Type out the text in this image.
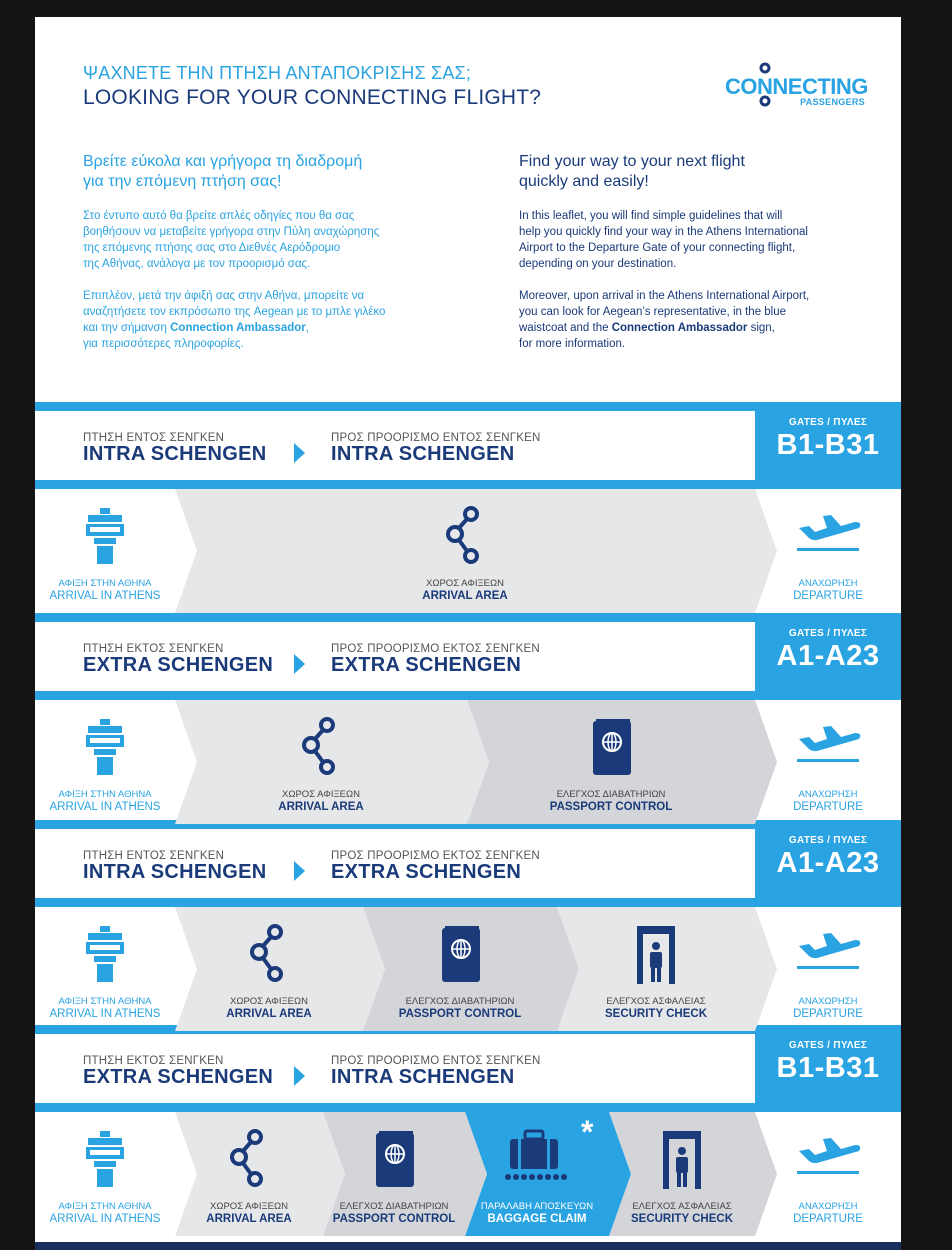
ΨΑΧΝΕΤΕ ΤΗΝ ΠΤΗΣΗ ΑΝΤΑΠΟΚΡΙΣΗΣ ΣΑΣ;
LOOKING FOR YOUR CONNECTING FLIGHT?	CONNECTING
PASSENGERS
Βρείτε εύκολα και γρήγορα τη διαδρομή
για την επόμενη πτήση σας!
Στο έντυπο αυτό θα βρείτε απλές οδηγίες που θα σας
βοηθήσουν να μεταβείτε γρήγορα στην Πύλη αναχώρησης
της επόμενης πτήσης σας στο Διεθνές Αερόδρομιο
της Αθήνας, ανάλογα με τον προορισμό σας.
Επιπλέον, μετά την άφιξή σας στην Αθήνα, μπορείτε να
αναζητήσετε τον εκπρόσωπο της Aegean με το μπλε γιλέκο
και την σήμανση Connection Ambassador,
για περισσότερες πληροφορίες.
Find your way to your next flight
quickly and easily!
In this leaflet, you will find simple guidelines that will
help you quickly find your way in the Athens International
Airport to the Departure Gate of your connecting flight,
depending on your destination.
Moreover, upon arrival in the Athens International Airport,
you can look for Aegean’s representative, in the blue
waistcoat and the Connection Ambassador sign,
for more information.
ΠΤΗΣΗ ΕΝΤΟΣ ΣΕΝΓΚΕΝ
INTRA SCHENGEN
ΠΡΟΣ ΠΡΟΟΡΙΣΜΟ ΕΝΤΟΣ ΣΕΝΓΚΕΝ
INTRA SCHENGEN
GATES / ΠΥΛΕΣ
B1-B31
ΑΦΙΞΗ ΣΤΗΝ ΑΘΗΝΑ
ARRIVAL IN ATHENS
ΧΩΡΟΣ ΑΦΙΞΕΩΝ
ARRIVAL AREA
ΑΝΑΧΩΡΗΣΗ
DEPARTURE
ΠΤΗΣΗ ΕΚΤΟΣ ΣΕΝΓΚΕΝ
EXTRA SCHENGEN
ΠΡΟΣ ΠΡΟΟΡΙΣΜΟ ΕΚΤΟΣ ΣΕΝΓΚΕΝ
EXTRA SCHENGEN
GATES / ΠΥΛΕΣ
A1-A23
ΑΦΙΞΗ ΣΤΗΝ ΑΘΗΝΑ
ARRIVAL IN ATHENS
ΧΩΡΟΣ ΑΦΙΞΕΩΝ
ARRIVAL AREA
ΕΛΕΓΧΟΣ ΔΙΑΒΑΤΗΡΙΩΝ
PASSPORT CONTROL
ΑΝΑΧΩΡΗΣΗ
DEPARTURE
ΠΤΗΣΗ ΕΝΤΟΣ ΣΕΝΓΚΕΝ
INTRA SCHENGEN
ΠΡΟΣ ΠΡΟΟΡΙΣΜΟ ΕΚΤΟΣ ΣΕΝΓΚΕΝ
EXTRA SCHENGEN
GATES / ΠΥΛΕΣ
A1-A23
ΑΦΙΞΗ ΣΤΗΝ ΑΘΗΝΑ
ARRIVAL IN ATHENS
ΧΩΡΟΣ ΑΦΙΞΕΩΝ
ARRIVAL AREA
ΕΛΕΓΧΟΣ ΔΙΑΒΑΤΗΡΙΩΝ
PASSPORT CONTROL
ΕΛΕΓΧΟΣ ΑΣΦΑΛΕΙΑΣ
SECURITY CHECK
ΑΝΑΧΩΡΗΣΗ
DEPARTURE
ΠΤΗΣΗ ΕΚΤΟΣ ΣΕΝΓΚΕΝ
EXTRA SCHENGEN
ΠΡΟΣ ΠΡΟΟΡΙΣΜΟ ΕΝΤΟΣ ΣΕΝΓΚΕΝ
INTRA SCHENGEN
GATES / ΠΥΛΕΣ
B1-B31
ΑΦΙΞΗ ΣΤΗΝ ΑΘΗΝΑ
ARRIVAL IN ATHENS
ΧΩΡΟΣ ΑΦΙΞΕΩΝ
ARRIVAL AREA
ΕΛΕΓΧΟΣ ΔΙΑΒΑΤΗΡΙΩΝ
PASSPORT CONTROL
*
ΠΑΡΑΛΑΒΗ ΑΠΟΣΚΕΥΩΝ
BAGGAGE CLAIM
ΕΛΕΓΧΟΣ ΑΣΦΑΛΕΙΑΣ
SECURITY CHECK
ΑΝΑΧΩΡΗΣΗ
DEPARTURE
